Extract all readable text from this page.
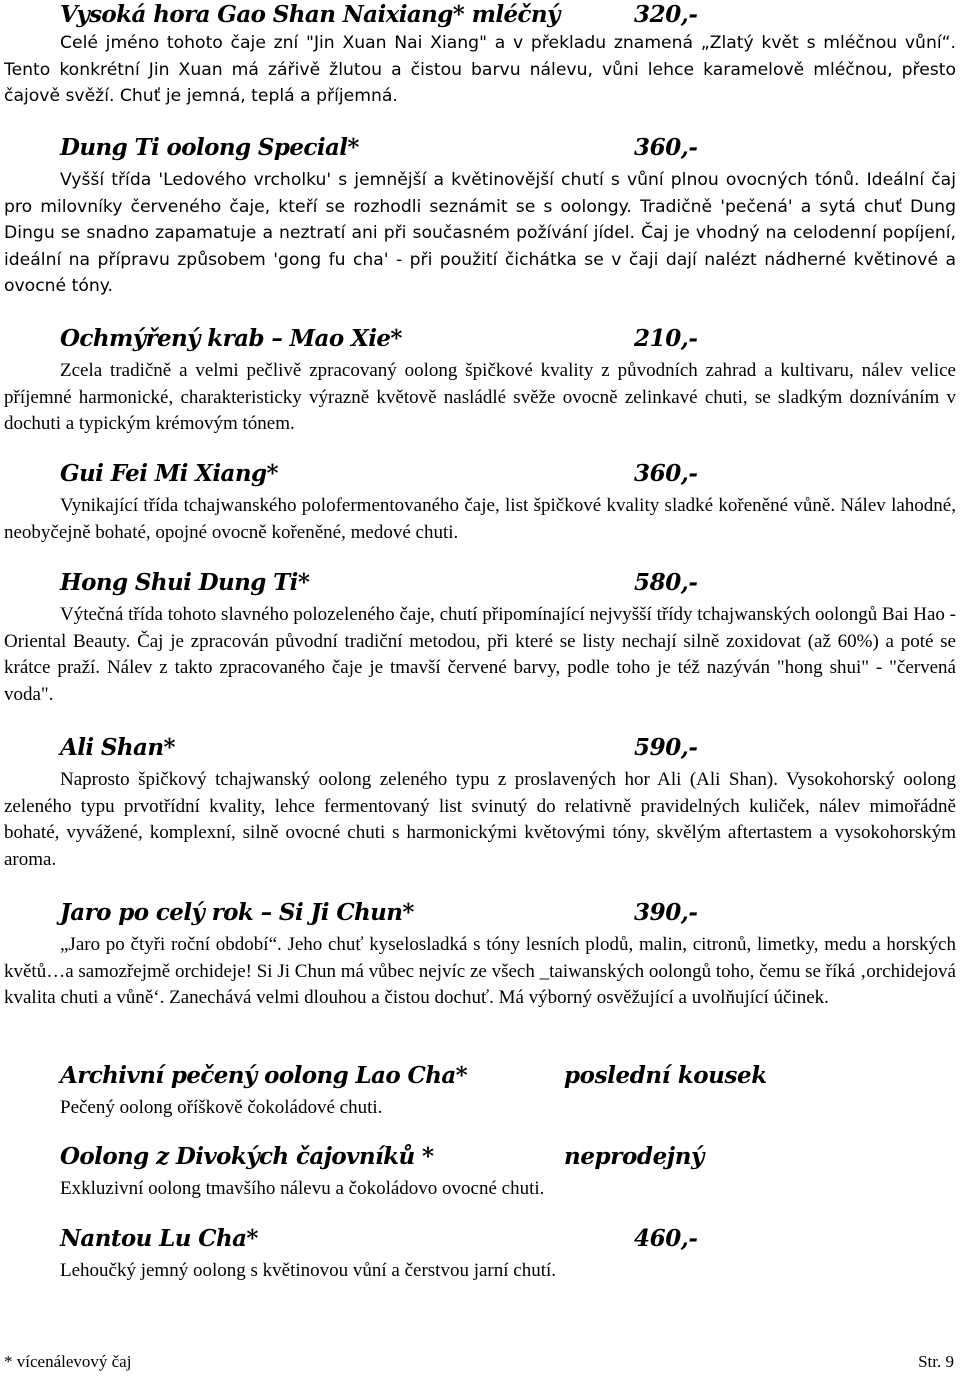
Vysoká hora Gao Shan Naixiang* mléčný	320,-

Celé jméno tohoto čaje zní "Jin Xuan Nai Xiang" a v překladu znamená „Zlatý květ s mléčnou vůní“. Tento konkrétní Jin Xuan má zářivě žlutou a čistou barvu nálevu, vůni lehce karamelově mléčnou, přesto čajově svěží. Chuť je jemná, teplá a příjemná.

Dung Ti oolong Special*	360,-

Vyšší třída 'Ledového vrcholku' s jemnější a květinovější chutí s vůní plnou ovocných tónů. Ideální čaj pro milovníky červeného čaje, kteří se rozhodli seznámit se s oolongy. Tradičně 'pečená' a sytá chuť Dung Dingu se snadno zapamatuje a neztratí ani při současném požívání jídel. Čaj je vhodný na celodenní popíjení, ideální na přípravu způsobem 'gong fu cha' - při použití čichátka se v čaji dají nalézt nádherné květinové a ovocné tóny.

Ochmýřený krab – Mao Xie*	210,-

Zcela tradičně a velmi pečlivě zpracovaný oolong špičkové kvality z původních zahrad a kultivaru, nálev velice příjemné harmonické, charakteristicky výrazně květově nasládlé svěže ovocně zelinkavé chuti, se sladkým dozníváním v dochuti a typickým krémovým tónem.

Gui Fei Mi Xiang*	360,-

Vynikající třída tchajwanského polofermentovaného čaje, list špičkové kvality sladké kořeněné vůně. Nálev lahodné, neobyčejně bohaté, opojné ovocně kořeněné, medové chuti.

Hong Shui Dung Ti*	580,-

Výtečná třída tohoto slavného polozeleného čaje, chutí připomínající nejvyšší třídy tchajwanských oolongů Bai Hao - Oriental Beauty. Čaj je zpracován původní tradiční metodou, při které se listy nechají silně zoxidovat (až 60%) a poté se krátce praží. Nálev z takto zpracovaného čaje je tmavší červené barvy, podle toho je též nazýván "hong shui" - "červená voda".

Ali Shan*	590,-

Naprosto špičkový tchajwanský oolong zeleného typu z proslavených hor Ali (Ali Shan). Vysokohorský oolong zeleného typu prvotřídní kvality, lehce fermentovaný list svinutý do relativně pravidelných kuliček, nálev mimořádně bohaté, vyvážené, komplexní, silně ovocné chuti s harmonickými květovými tóny, skvělým aftertastem a vysokohorským aroma.

Jaro po celý rok – Si Ji Chun*	390,-

„Jaro po čtyři roční období“. Jeho chuť kyselosladká s tóny lesních plodů, malin, citronů, limetky, medu a horských květů…a samozřejmě orchideje! Si Ji Chun má vůbec nejvíc ze všech _taiwanských oolongů toho, čemu se říká ‚orchidejová kvalita chuti a vůně‘. Zanechává velmi dlouhou a čistou dochuť. Má výborný osvěžující a uvolňující účinek.

Archivní pečený oolong Lao Cha*	poslední kousek

Pečený oolong oříškově čokoládové chuti.

Oolong z Divokých čajovníků *	neprodejný

Exkluzivní oolong tmavšího nálevu a čokoládovo ovocné chuti.

Nantou Lu Cha*	460,-

Lehoučký jemný oolong s květinovou vůní a čerstvou jarní chutí.

* vícenálevový čaj	Str. 9
